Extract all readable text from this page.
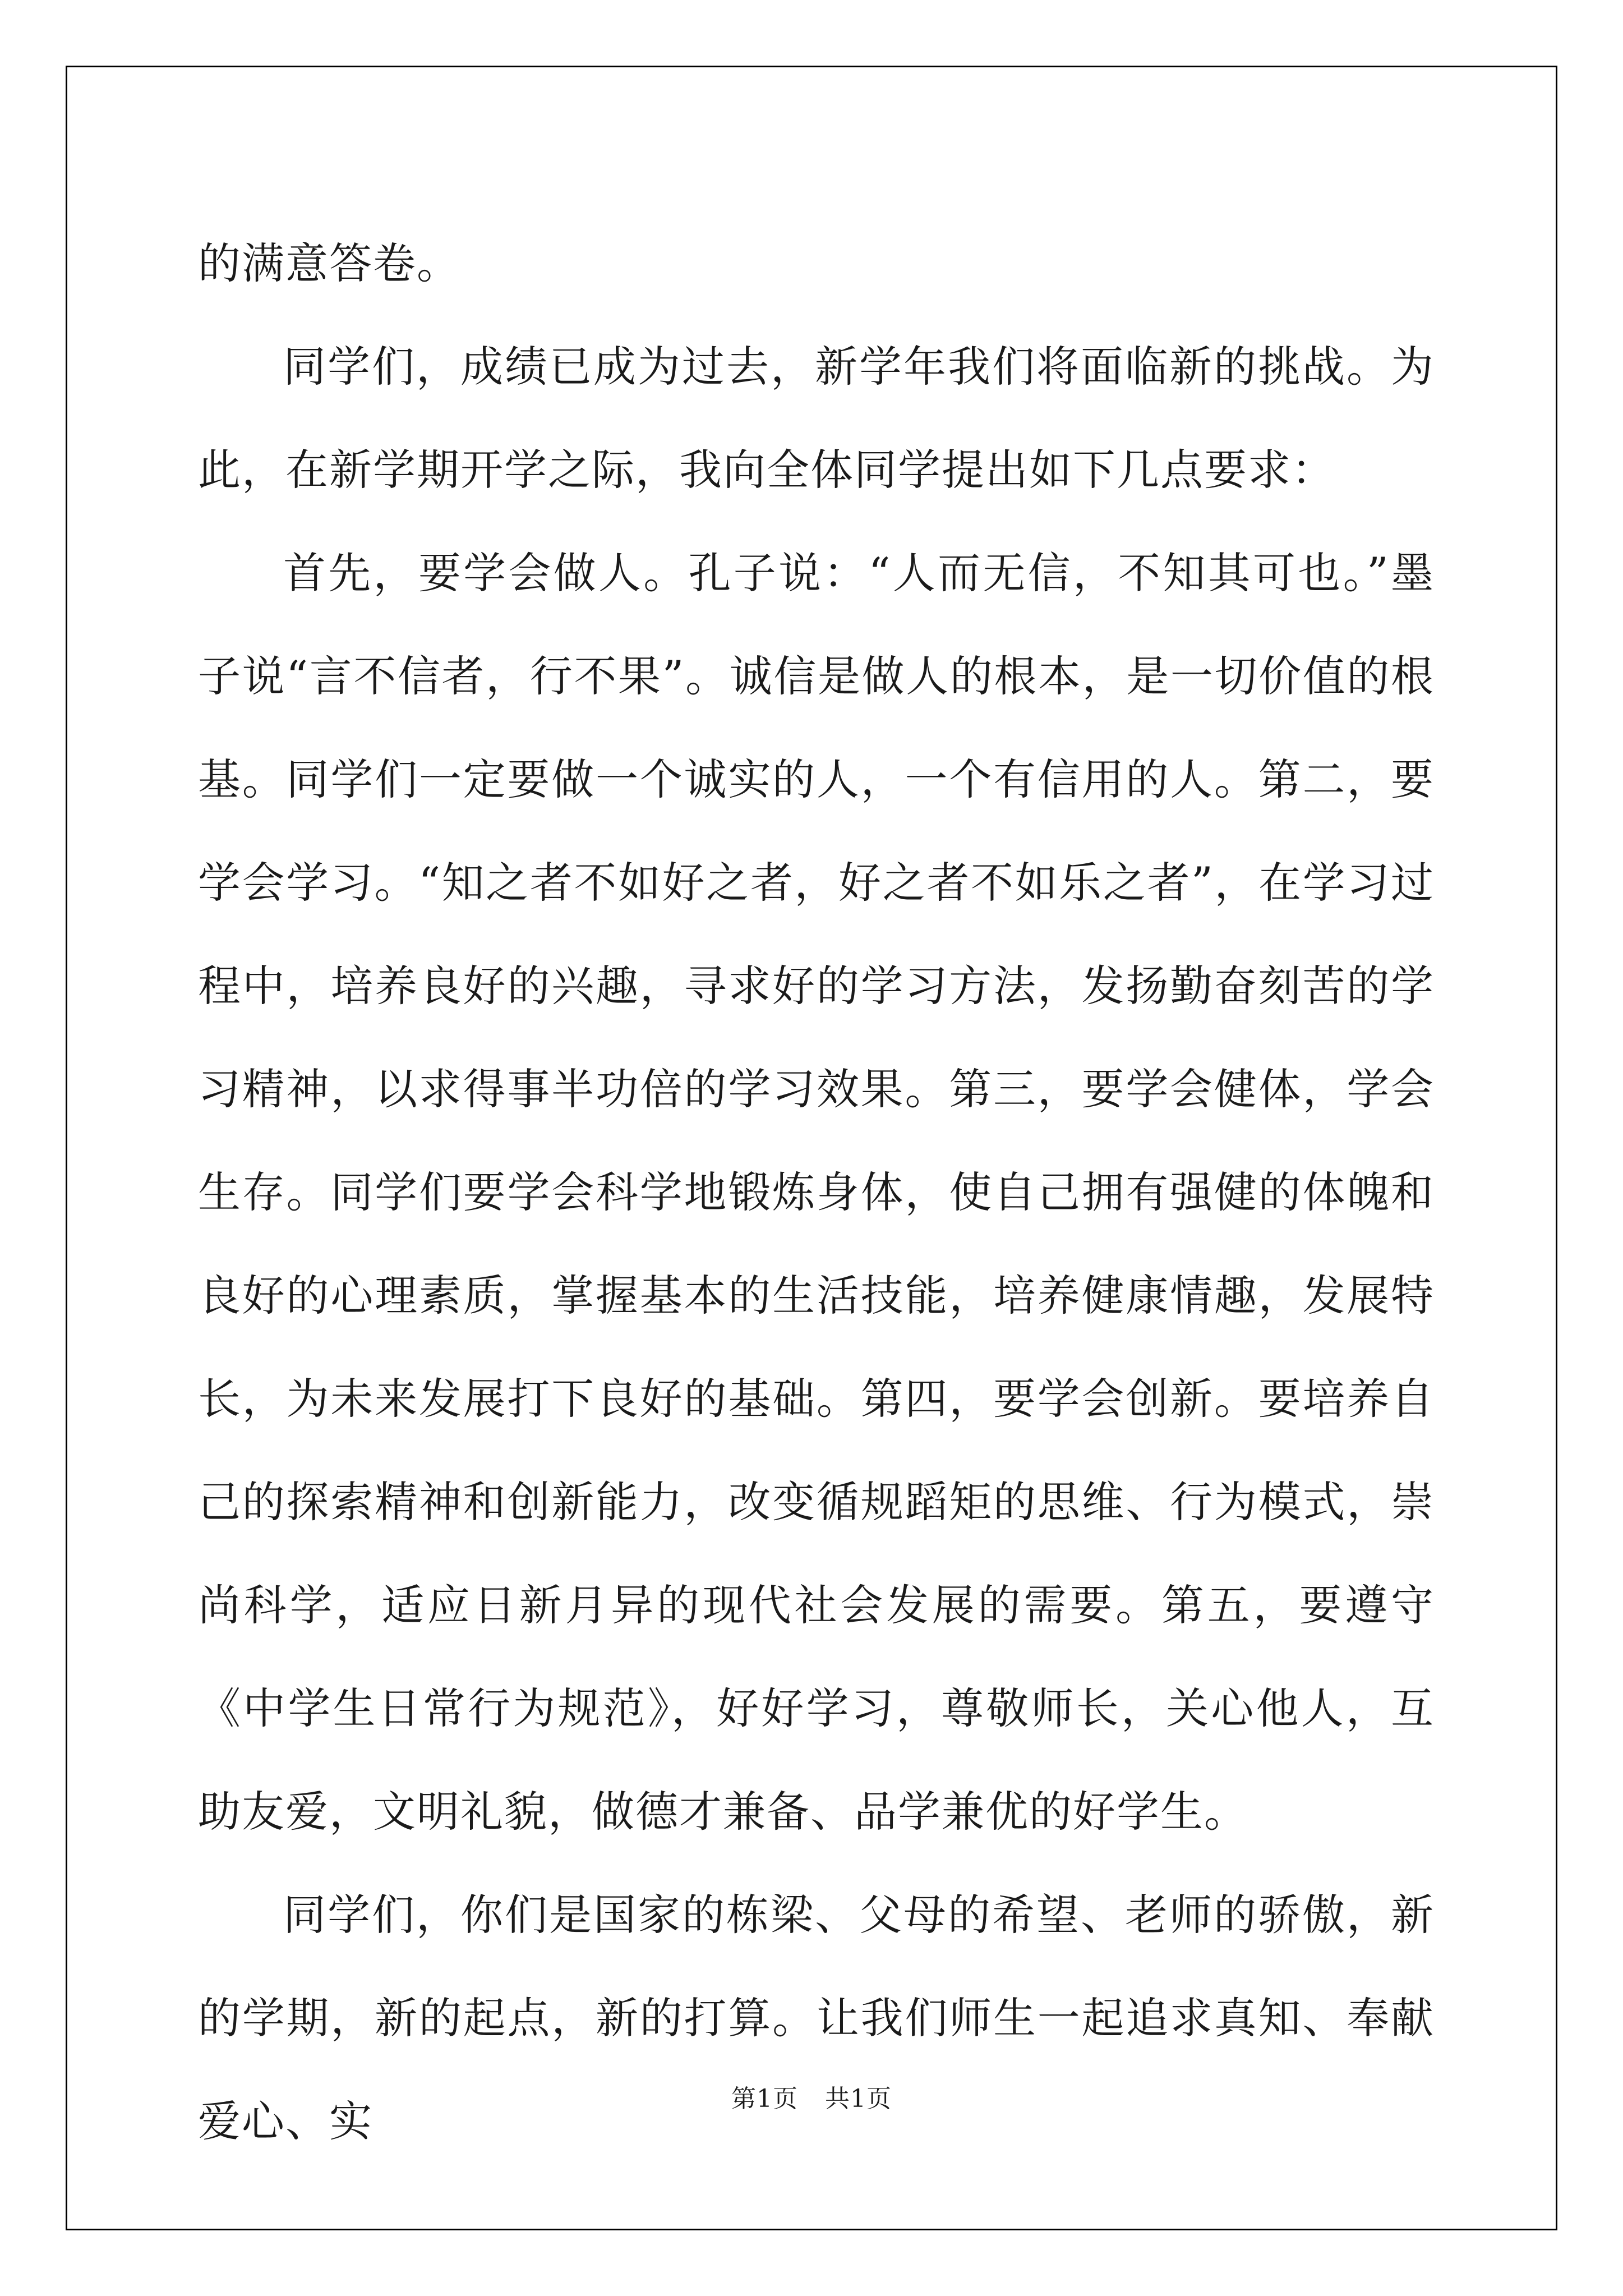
的满意答卷。

同学们，成绩已成为过去，新学年我们将面临新的挑战。为此，在新学期开学之际，我向全体同学提出如下几点要求：

首先，要学会做人。孔子说：“人而无信，不知其可也。”墨子说“言不信者，行不果”。诚信是做人的根本，是一切价值的根基。同学们一定要做一个诚实的人，一个有信用的人。第二，要学会学习。“知之者不如好之者，好之者不如乐之者”，在学习过程中，培养良好的兴趣，寻求好的学习方法，发扬勤奋刻苦的学习精神，以求得事半功倍的学习效果。第三，要学会健体，学会生存。同学们要学会科学地锻炼身体，使自己拥有强健的体魄和良好的心理素质，掌握基本的生活技能，培养健康情趣，发展特长，为未来发展打下良好的基础。第四，要学会创新。要培养自己的探索精神和创新能力，改变循规蹈矩的思维、行为模式，崇尚科学，适应日新月异的现代社会发展的需要。第五，要遵守《中学生日常行为规范》，好好学习，尊敬师长，关心他人，互助友爱，文明礼貌，做德才兼备、品学兼优的好学生。

同学们，你们是国家的栋梁、父母的希望、老师的骄傲，新的学期，新的起点，新的打算。让我们师生一起追求真知、奉献爱心、实	第1页 共1页
